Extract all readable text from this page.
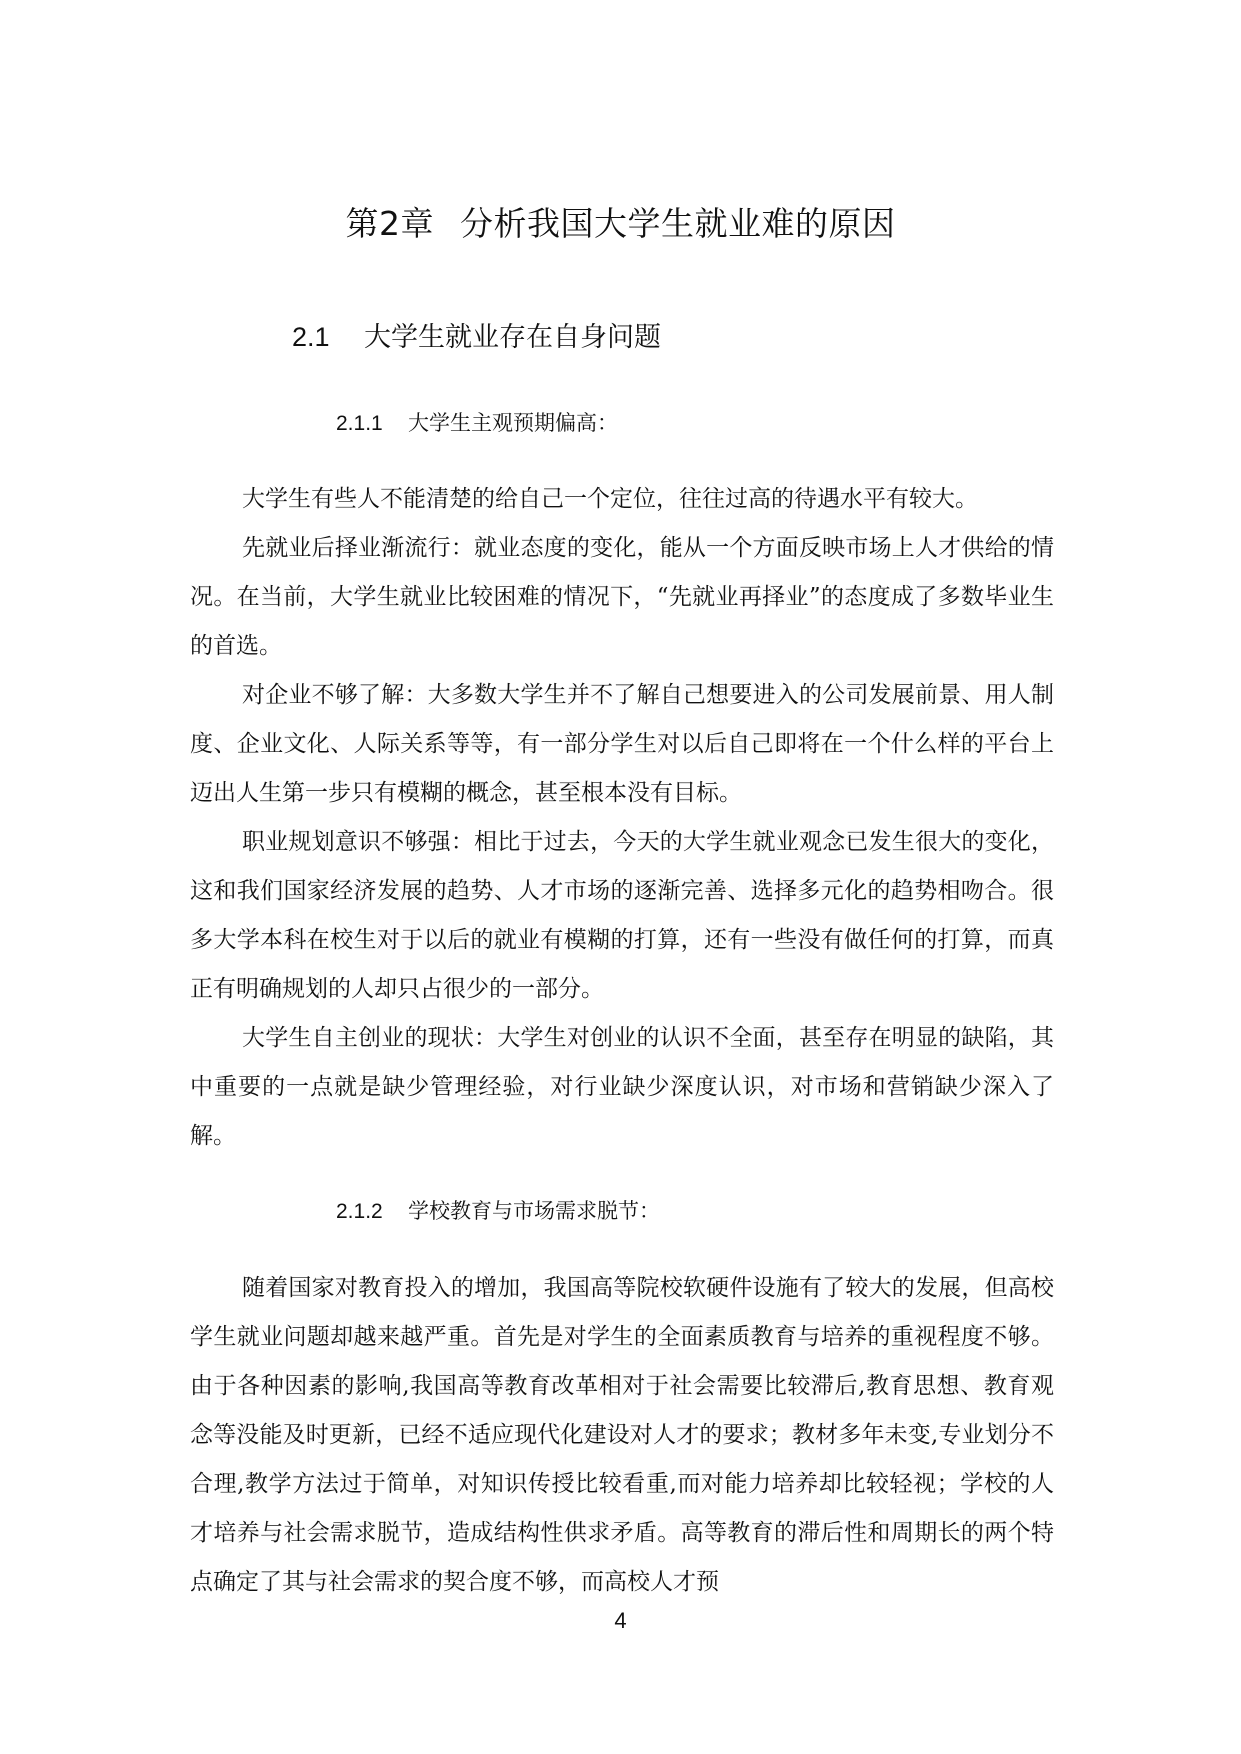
第2章 分析我国大学生就业难的原因
2.1 大学生就业存在自身问题
2.1.1 大学生主观预期偏高：

大学生有些人不能清楚的给自己一个定位，往往过高的待遇水平有较大。

先就业后择业渐流行：就业态度的变化，能从一个方面反映市场上人才供给的情况。在当前，大学生就业比较困难的情况下，“先就业再择业”的态度成了多数毕业生的首选。

对企业不够了解：大多数大学生并不了解自己想要进入的公司发展前景、用人制度、企业文化、人际关系等等，有一部分学生对以后自己即将在一个什么样的平台上迈出人生第一步只有模糊的概念，甚至根本没有目标。

职业规划意识不够强：相比于过去，今天的大学生就业观念已发生很大的变化，这和我们国家经济发展的趋势、人才市场的逐渐完善、选择多元化的趋势相吻合。很多大学本科在校生对于以后的就业有模糊的打算，还有一些没有做任何的打算，而真正有明确规划的人却只占很少的一部分。

大学生自主创业的现状：大学生对创业的认识不全面，甚至存在明显的缺陷，其中重要的一点就是缺少管理经验，对行业缺少深度认识，对市场和营销缺少深入了解。

2.1.2 学校教育与市场需求脱节：

随着国家对教育投入的增加，我国高等院校软硬件设施有了较大的发展，但高校学生就业问题却越来越严重。首先是对学生的全面素质教育与培养的重视程度不够。由于各种因素的影响,我国高等教育改革相对于社会需要比较滞后,教育思想、教育观念等没能及时更新，已经不适应现代化建设对人才的要求；教材多年未变,专业划分不合理,教学方法过于简单，对知识传授比较看重,而对能力培养却比较轻视；学校的人才培养与社会需求脱节，造成结构性供求矛盾。高等教育的滞后性和周期长的两个特点确定了其与社会需求的契合度不够，而高校人才预

4
